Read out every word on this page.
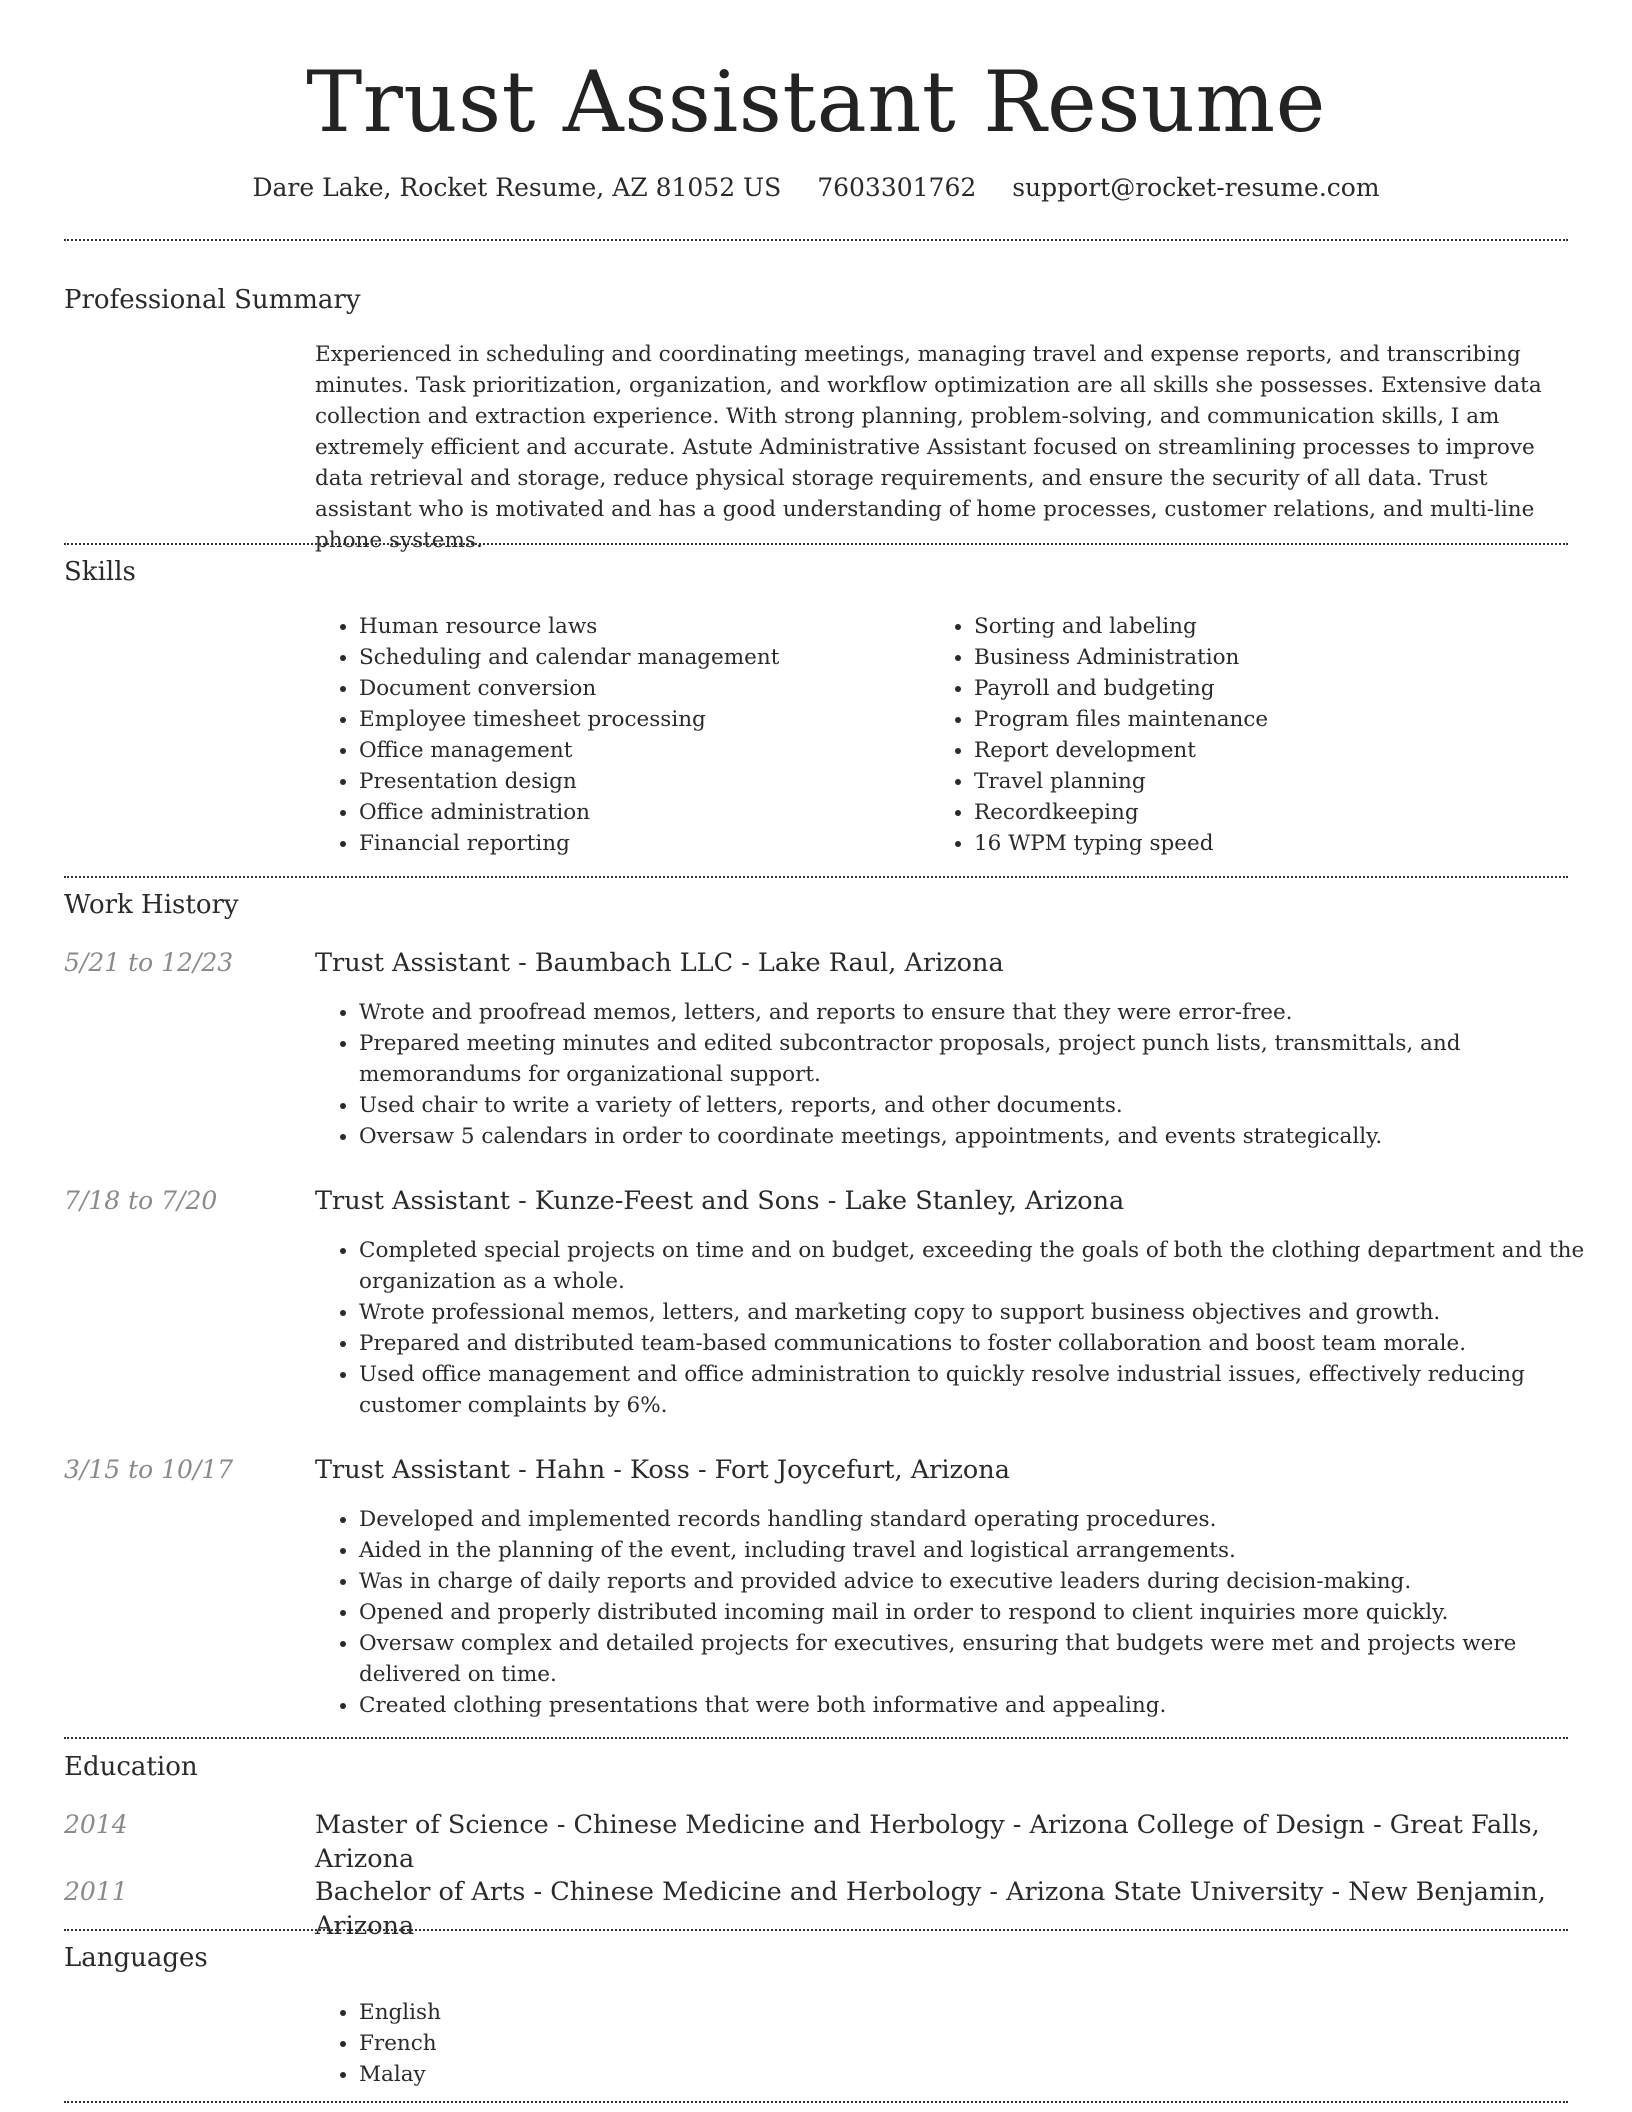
Trust Assistant Resume
Dare Lake, Rocket Resume, AZ 81052 US 7603301762 support@rocket-resume.com
Professional Summary
Experienced in scheduling and coordinating meetings, managing travel and expense reports, and transcribing minutes. Task prioritization, organization, and workflow optimization are all skills she possesses. Extensive data collection and extraction experience. With strong planning, problem-solving, and communication skills, I am extremely efficient and accurate. Astute Administrative Assistant focused on streamlining processes to improve data retrieval and storage, reduce physical storage requirements, and ensure the security of all data. Trust assistant who is motivated and has a good understanding of home processes, customer relations, and multi-line phone systems.
Skills
• Human resource laws
• Scheduling and calendar management
• Document conversion
• Employee timesheet processing
• Office management
• Presentation design
• Office administration
• Financial reporting
• Sorting and labeling
• Business Administration
• Payroll and budgeting
• Program files maintenance
• Report development
• Travel planning
• Recordkeeping
• 16 WPM typing speed
Work History
5/21 to 12/23	Trust Assistant - Baumbach LLC - Lake Raul, Arizona
• Wrote and proofread memos, letters, and reports to ensure that they were error-free.
• Prepared meeting minutes and edited subcontractor proposals, project punch lists, transmittals, and memorandums for organizational support.
• Used chair to write a variety of letters, reports, and other documents.
• Oversaw 5 calendars in order to coordinate meetings, appointments, and events strategically.
7/18 to 7/20	Trust Assistant - Kunze-Feest and Sons - Lake Stanley, Arizona
• Completed special projects on time and on budget, exceeding the goals of both the clothing department and the organization as a whole.
• Wrote professional memos, letters, and marketing copy to support business objectives and growth.
• Prepared and distributed team-based communications to foster collaboration and boost team morale.
• Used office management and office administration to quickly resolve industrial issues, effectively reducing customer complaints by 6%.
3/15 to 10/17	Trust Assistant - Hahn - Koss - Fort Joycefurt, Arizona
• Developed and implemented records handling standard operating procedures.
• Aided in the planning of the event, including travel and logistical arrangements.
• Was in charge of daily reports and provided advice to executive leaders during decision-making.
• Opened and properly distributed incoming mail in order to respond to client inquiries more quickly.
• Oversaw complex and detailed projects for executives, ensuring that budgets were met and projects were delivered on time.
• Created clothing presentations that were both informative and appealing.
Education
2014	Master of Science - Chinese Medicine and Herbology - Arizona College of Design - Great Falls, Arizona
2011	Bachelor of Arts - Chinese Medicine and Herbology - Arizona State University - New Benjamin, Arizona
Languages
• English
• French
• Malay
